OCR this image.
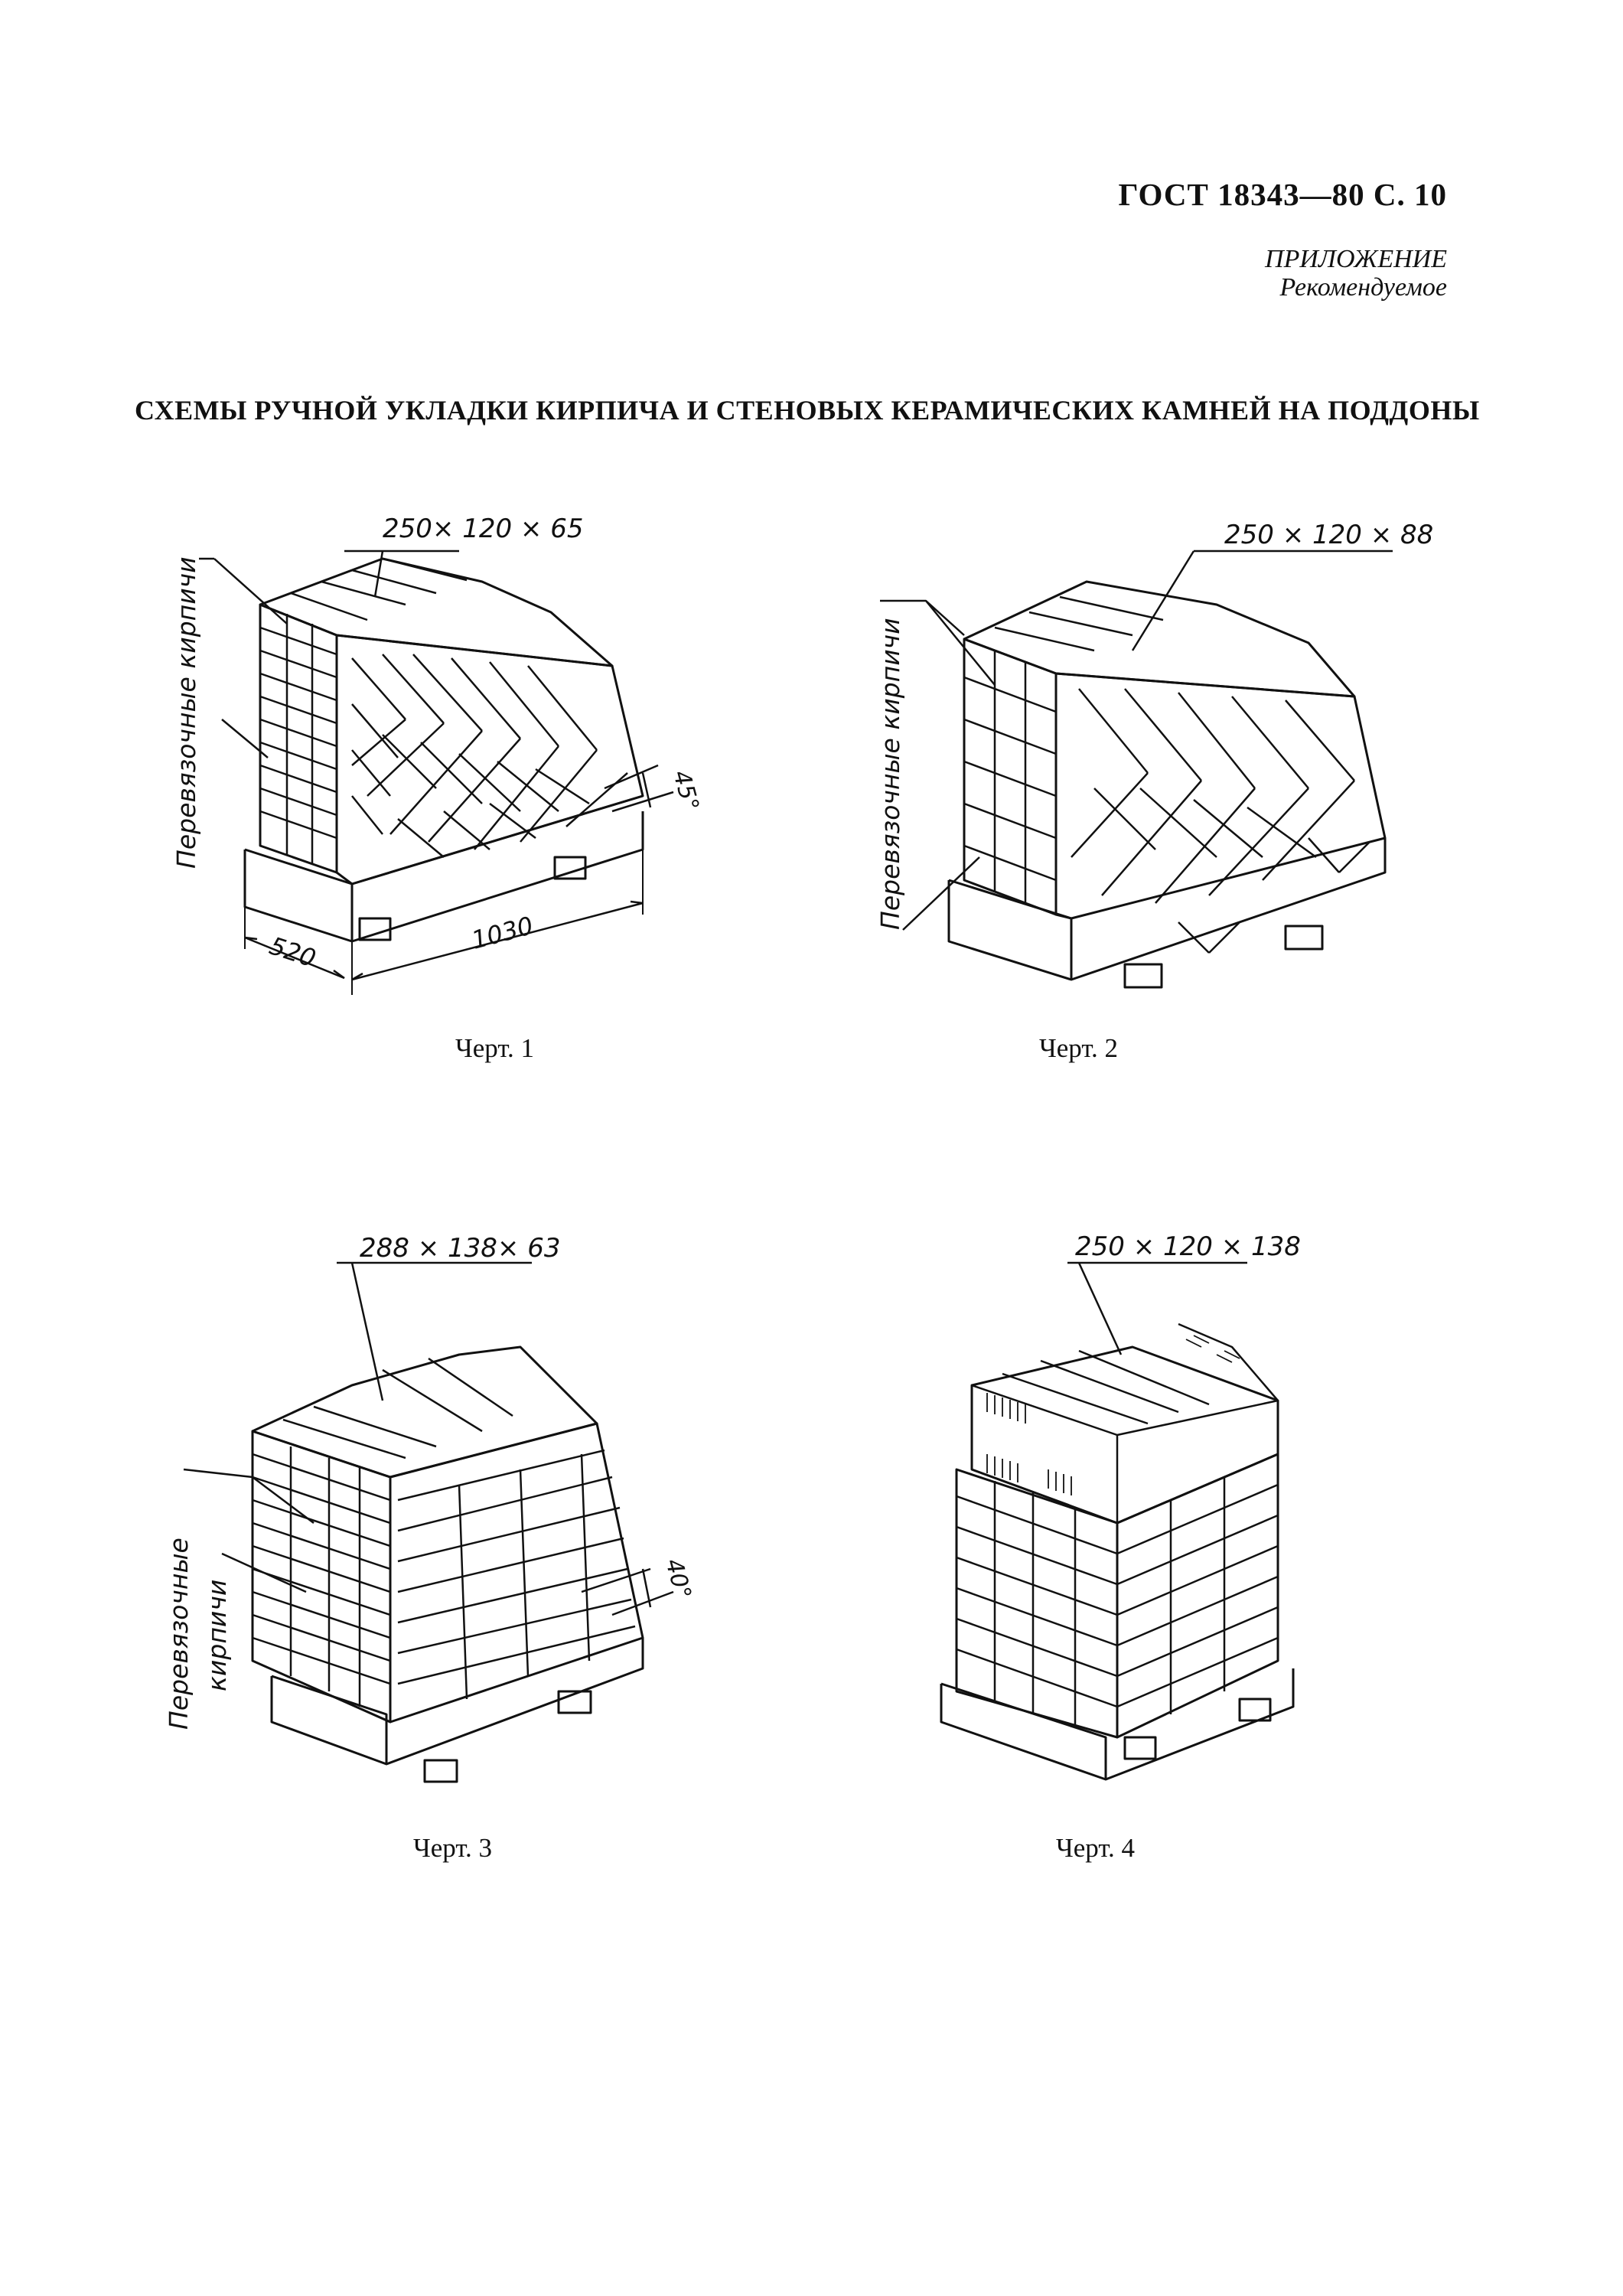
ГОСТ 18343—80 С. 10
ПРИЛОЖЕНИЕ
Рекомендуемое
СХЕМЫ РУЧНОЙ УКЛАДКИ КИРПИЧА И СТЕНОВЫХ КЕРАМИЧЕСКИХ КАМНЕЙ НА ПОДДОНЫ
250× 120 × 65
Перевязочные кирпичи	45°
520	1030
Черт. 1
250 × 120 × 88
Перевязочные кирпичи
Черт. 2
288 × 138× 63
Перевязочные кирпичи
40°
Черт. 3
250 × 120 × 138
Черт. 4
